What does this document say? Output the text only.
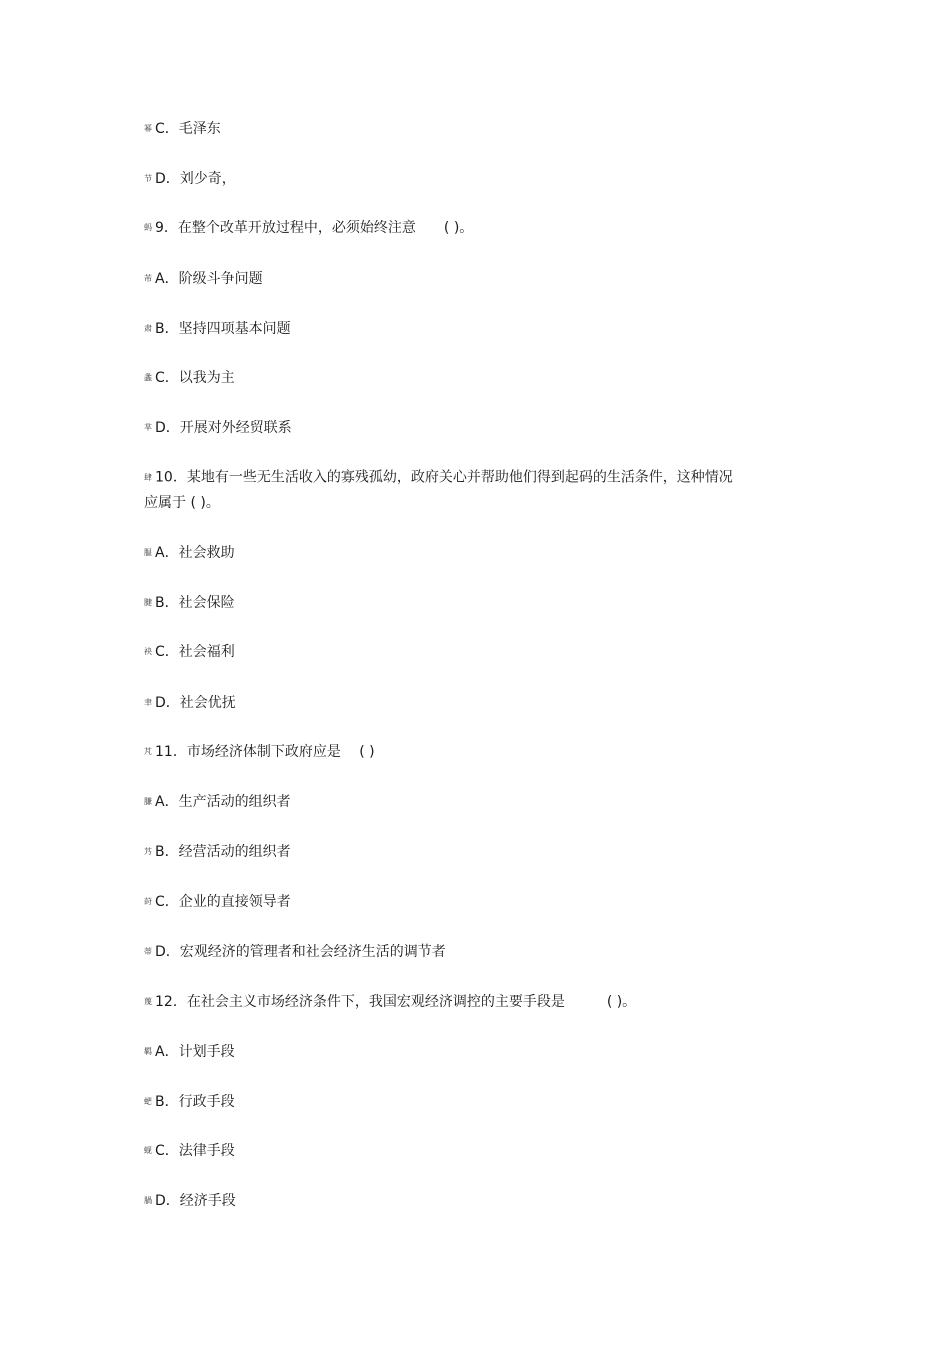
幂 C．毛泽东

节 D．刘少奇，

蚂 9．在整个改革开放过程中，必须始终注意　　( )。

芾 A．阶级斗争问题

肃 B．坚持四项基本问题

螽 C．以我为主

芈 D．开展对外经贸联系

肆 10．某地有一些无生活收入的寡残孤幼，政府关心并帮助他们得到起码的生活条件，这种情况应属于 ( )。

腽 A．社会救助

腱 B．社会保险

袂 C．社会福利

聿 D．社会优抚

芃 11．市场经济体制下政府应是　 ( )

膁 A．生产活动的组织者

艿 B．经营活动的组织者

莳 C．企业的直接领导者

蒂 D．宏观经济的管理者和社会经济生活的调节者

蔑 12．在社会主义市场经济条件下，我国宏观经济调控的主要手段是　　　( )。

羁 A．计划手段

蚆 B．行政手段

蚬 C．法律手段

腡 D．经济手段
